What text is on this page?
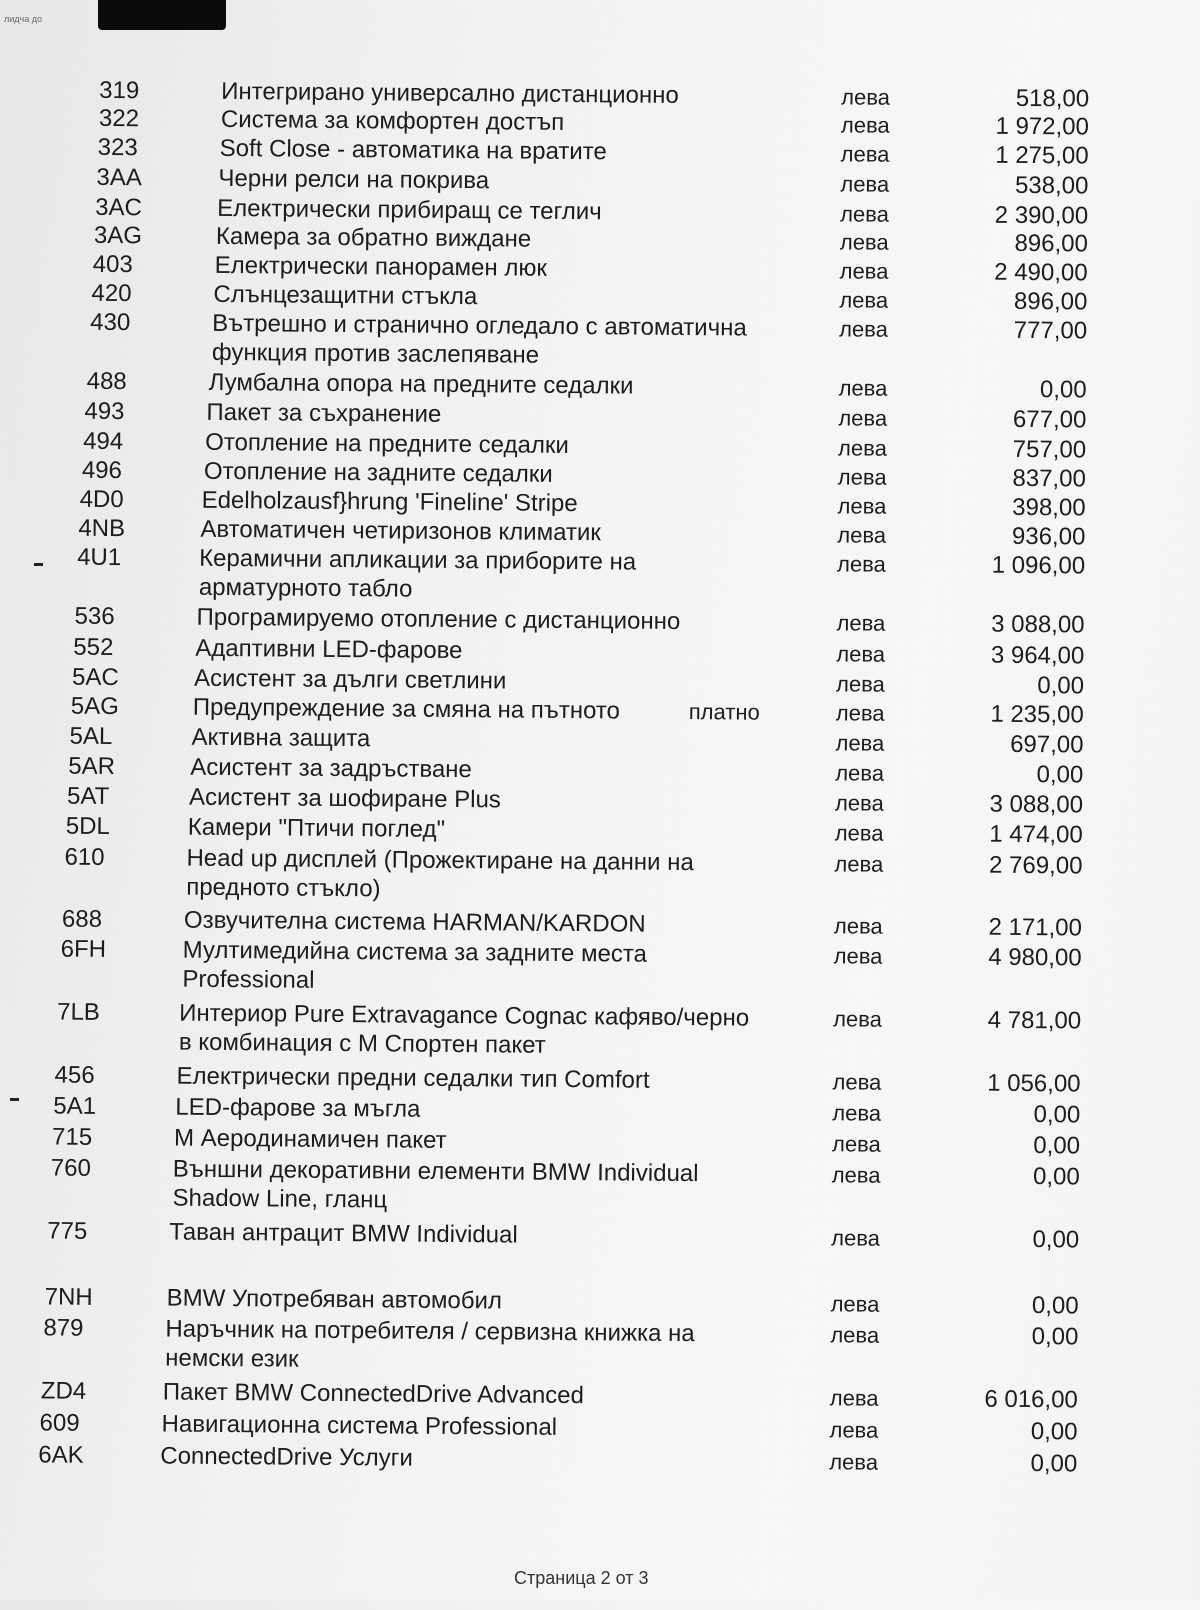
лидча до
319	Интегрирано универсално дистанционно	лева	518,00
322	Система за комфортен достъп	лева	1 972,00
323	Soft Close - автоматика на вратите	лева	1 275,00
3AA	Черни релси на покрива	лева	538,00
3AC	Електрически прибиращ се теглич	лева	2 390,00
3AG	Камера за обратно виждане	лева	896,00
403	Електрически панорамен люк	лева	2 490,00
420	Слънцезащитни стъкла	лева	896,00
430	Вътрешно и странично огледало с автоматична
функция против заслепяване
лева	777,00
488	Лумбална опора на предните седалки	лева	0,00
493	Пакет за съхранение	лева	677,00
494	Отопление на предните седалки	лева	757,00
496	Отопление на задните седалки	лева	837,00
4D0	Edelholzausf}hrung 'Fineline' Stripe	лева	398,00
4NB	Автоматичен четиризонов климатик	лева	936,00
4U1	Керамични апликации за приборите на
арматурното табло
лева	1 096,00
536	Програмируемо отопление с дистанционно	лева	3 088,00
552	Адаптивни LED-фарове	лева	3 964,00
5AC	Асистент за дълги светлини	лева	0,00
5AG	Предупреждение за смяна на пътното	платно	лева	1 235,00
5AL	Активна защита	лева	697,00
5AR	Асистент за задръстване	лева	0,00
5AT	Асистент за шофиране Plus	лева	3 088,00
5DL	Камери "Птичи поглед"	лева	1 474,00
610	Head up дисплей (Прожектиране на данни на
предното стъкло)
лева	2 769,00
688	Озвучителна система HARMAN/KARDON	лева	2 171,00
6FH	Мултимедийна система за задните места
Professional
лева	4 980,00
7LB	Интериор Pure Extravagance Cognac кафяво/черно
в комбинация с М Спортен пакет
лева	4 781,00
456	Електрически предни седалки тип Comfort	лева	1 056,00
5A1	LED-фарове за мъгла	лева	0,00
715	М Аеродинамичен пакет	лева	0,00
760	Външни декоративни елементи BMW Individual
Shadow Line, гланц
лева	0,00
775	Таван антрацит BMW Individual	лева	0,00
7NH	BMW Употребяван автомобил	лева	0,00
879	Наръчник на потребителя / сервизна книжка на
немски език
лева	0,00
ZD4	Пакет BMW ConnectedDrive Advanced	лева	6 016,00
609	Навигационна система Professional	лева	0,00
6AK	ConnectedDrive Услуги	лева	0,00
Страница 2 от 3
